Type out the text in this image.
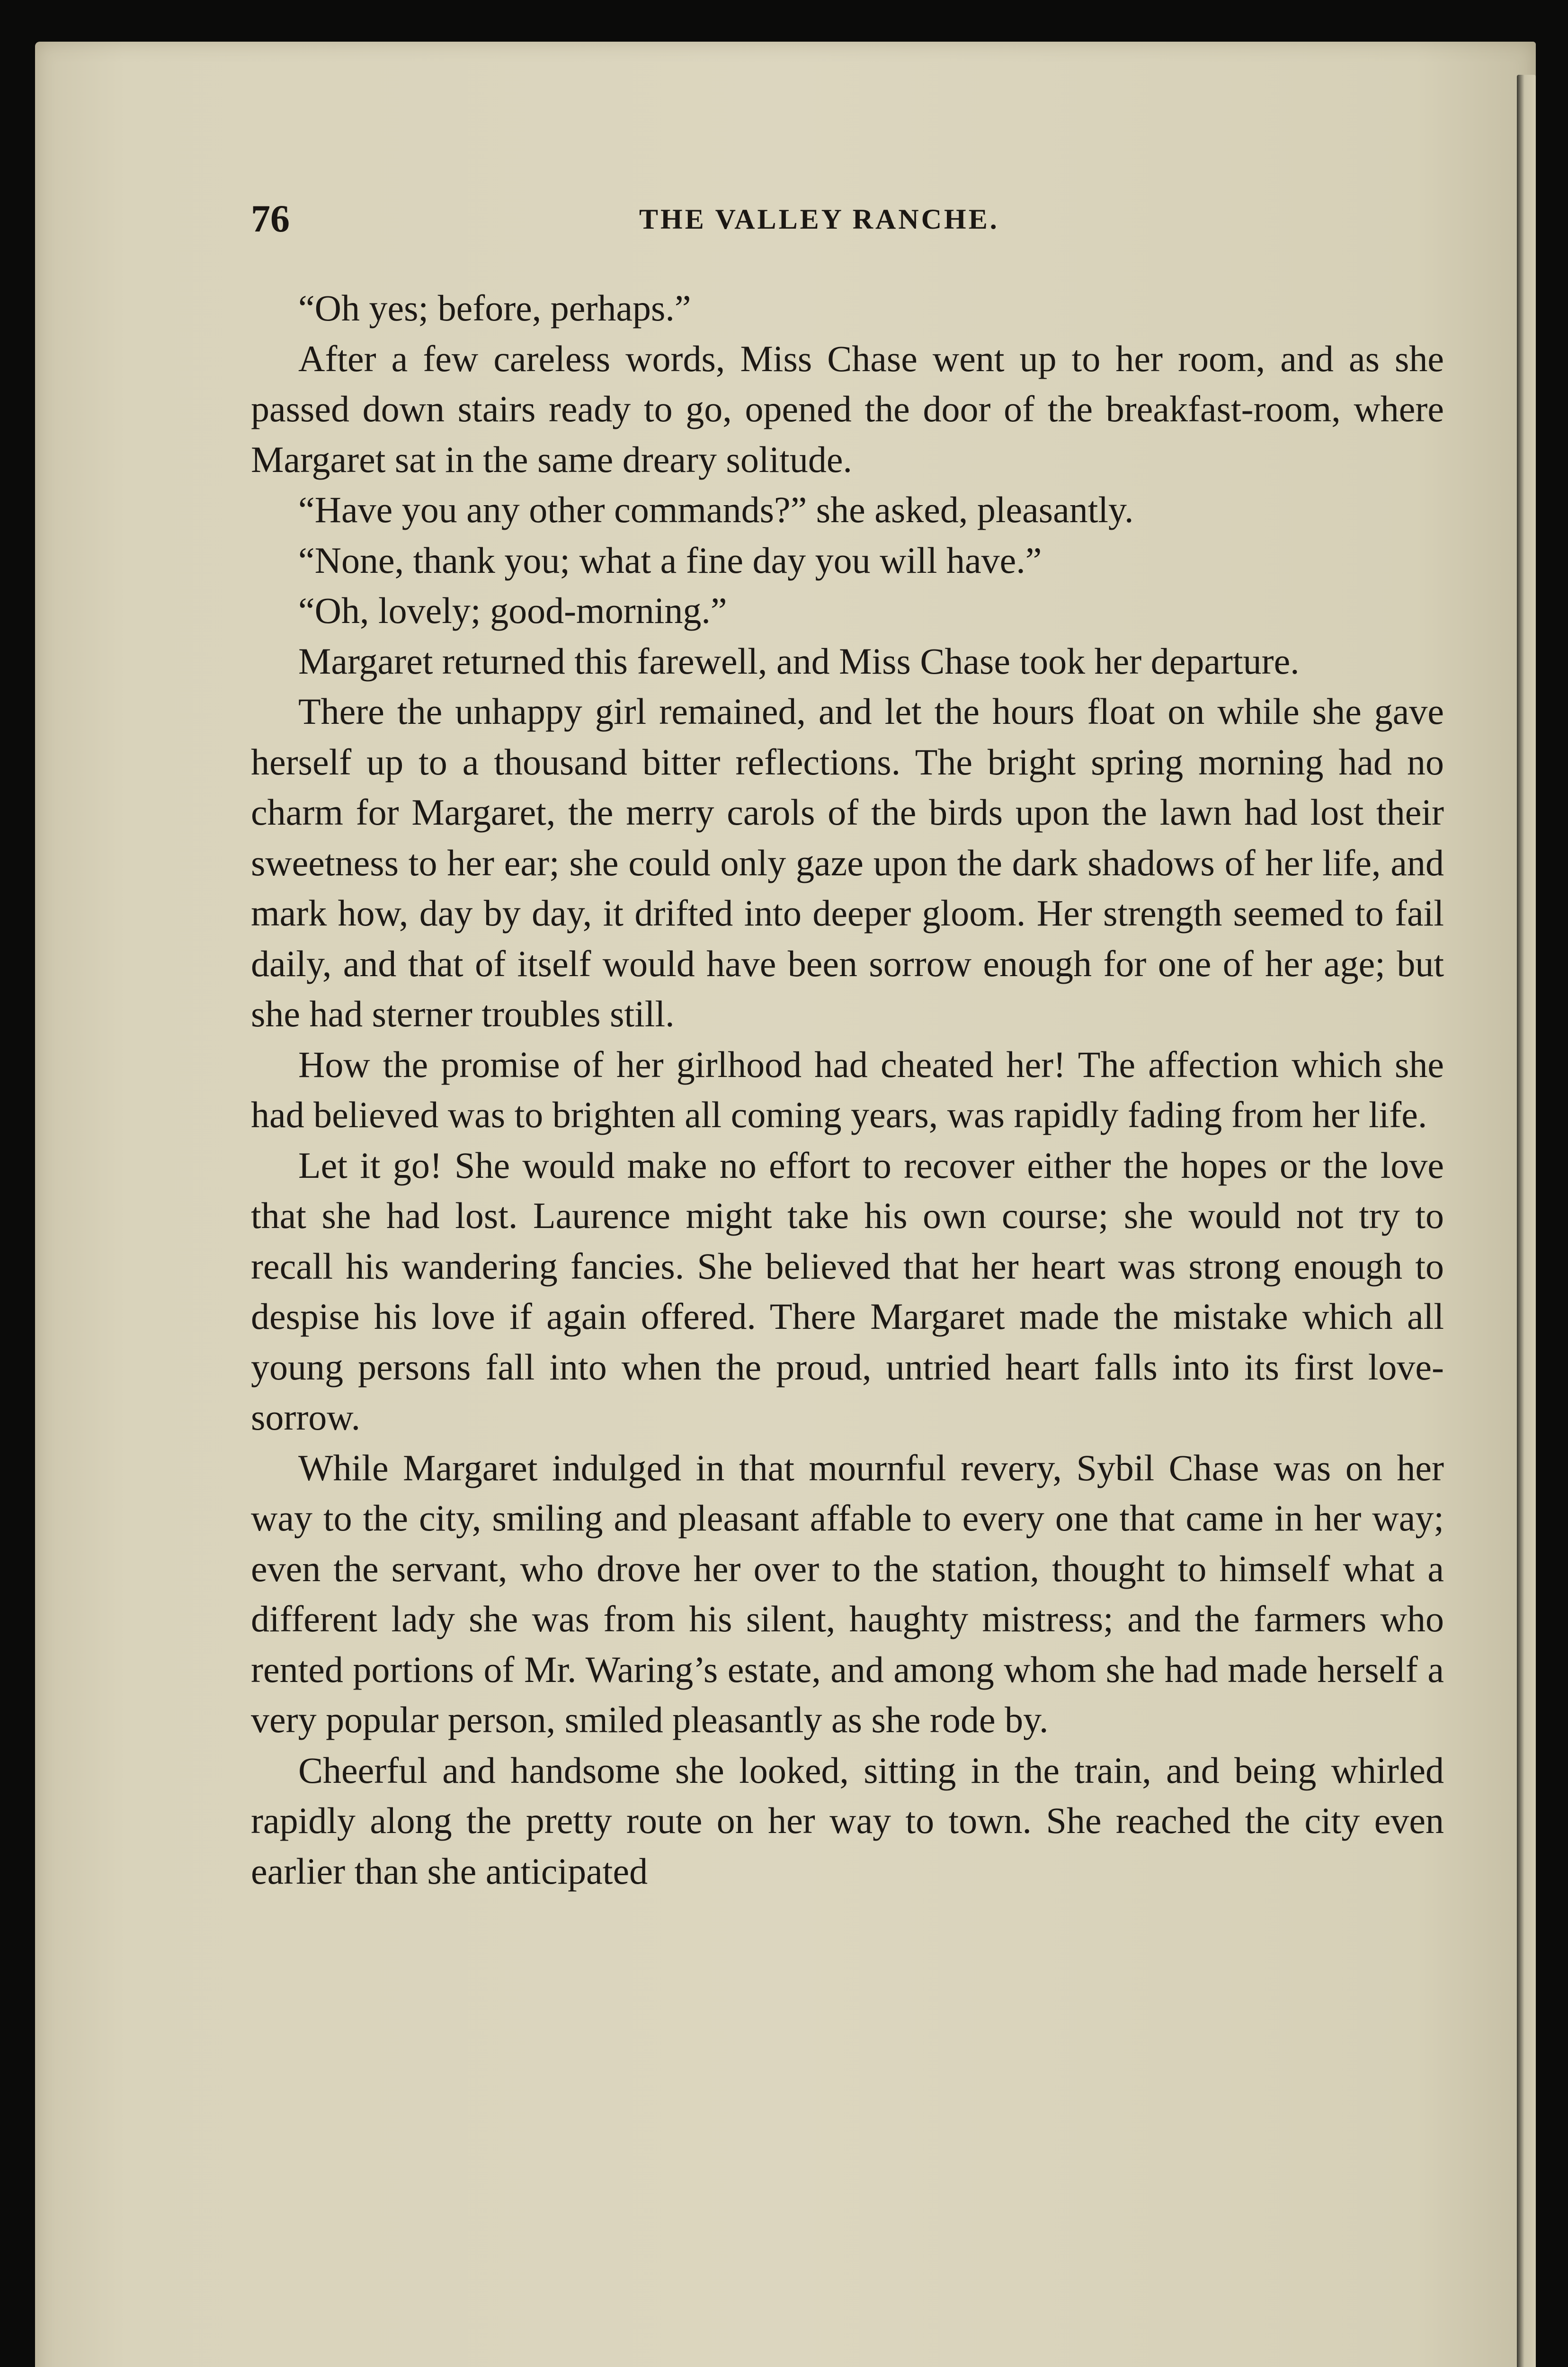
76	THE VALLEY RANCHE.

“Oh yes; before, perhaps.”

After a few careless words, Miss Chase went up to her room, and as she passed down stairs ready to go, opened the door of the breakfast-room, where Margaret sat in the same dreary solitude.

“Have you any other commands?” she asked, pleasantly.

“None, thank you; what a fine day you will have.”

“Oh, lovely; good-morning.”

Margaret returned this farewell, and Miss Chase took her departure.

There the unhappy girl remained, and let the hours float on while she gave herself up to a thousand bitter reflections. The bright spring morning had no charm for Margaret, the merry carols of the birds upon the lawn had lost their sweetness to her ear; she could only gaze upon the dark shadows of her life, and mark how, day by day, it drifted into deeper gloom. Her strength seemed to fail daily, and that of itself would have been sorrow enough for one of her age; but she had sterner troubles still.

How the promise of her girlhood had cheated her! The affection which she had believed was to brighten all coming years, was rapidly fading from her life.

Let it go! She would make no effort to recover either the hopes or the love that she had lost. Laurence might take his own course; she would not try to recall his wandering fancies. She believed that her heart was strong enough to despise his love if again offered. There Margaret made the mistake which all young persons fall into when the proud, untried heart falls into its first love-sorrow.

While Margaret indulged in that mournful revery, Sybil Chase was on her way to the city, smiling and pleasant affable to every one that came in her way; even the servant, who drove her over to the station, thought to himself what a different lady she was from his silent, haughty mistress; and the farmers who rented portions of Mr. Waring’s estate, and among whom she had made herself a very popular person, smiled pleasantly as she rode by.

Cheerful and handsome she looked, sitting in the train, and being whirled rapidly along the pretty route on her way to town. She reached the city even earlier than she anticipated
